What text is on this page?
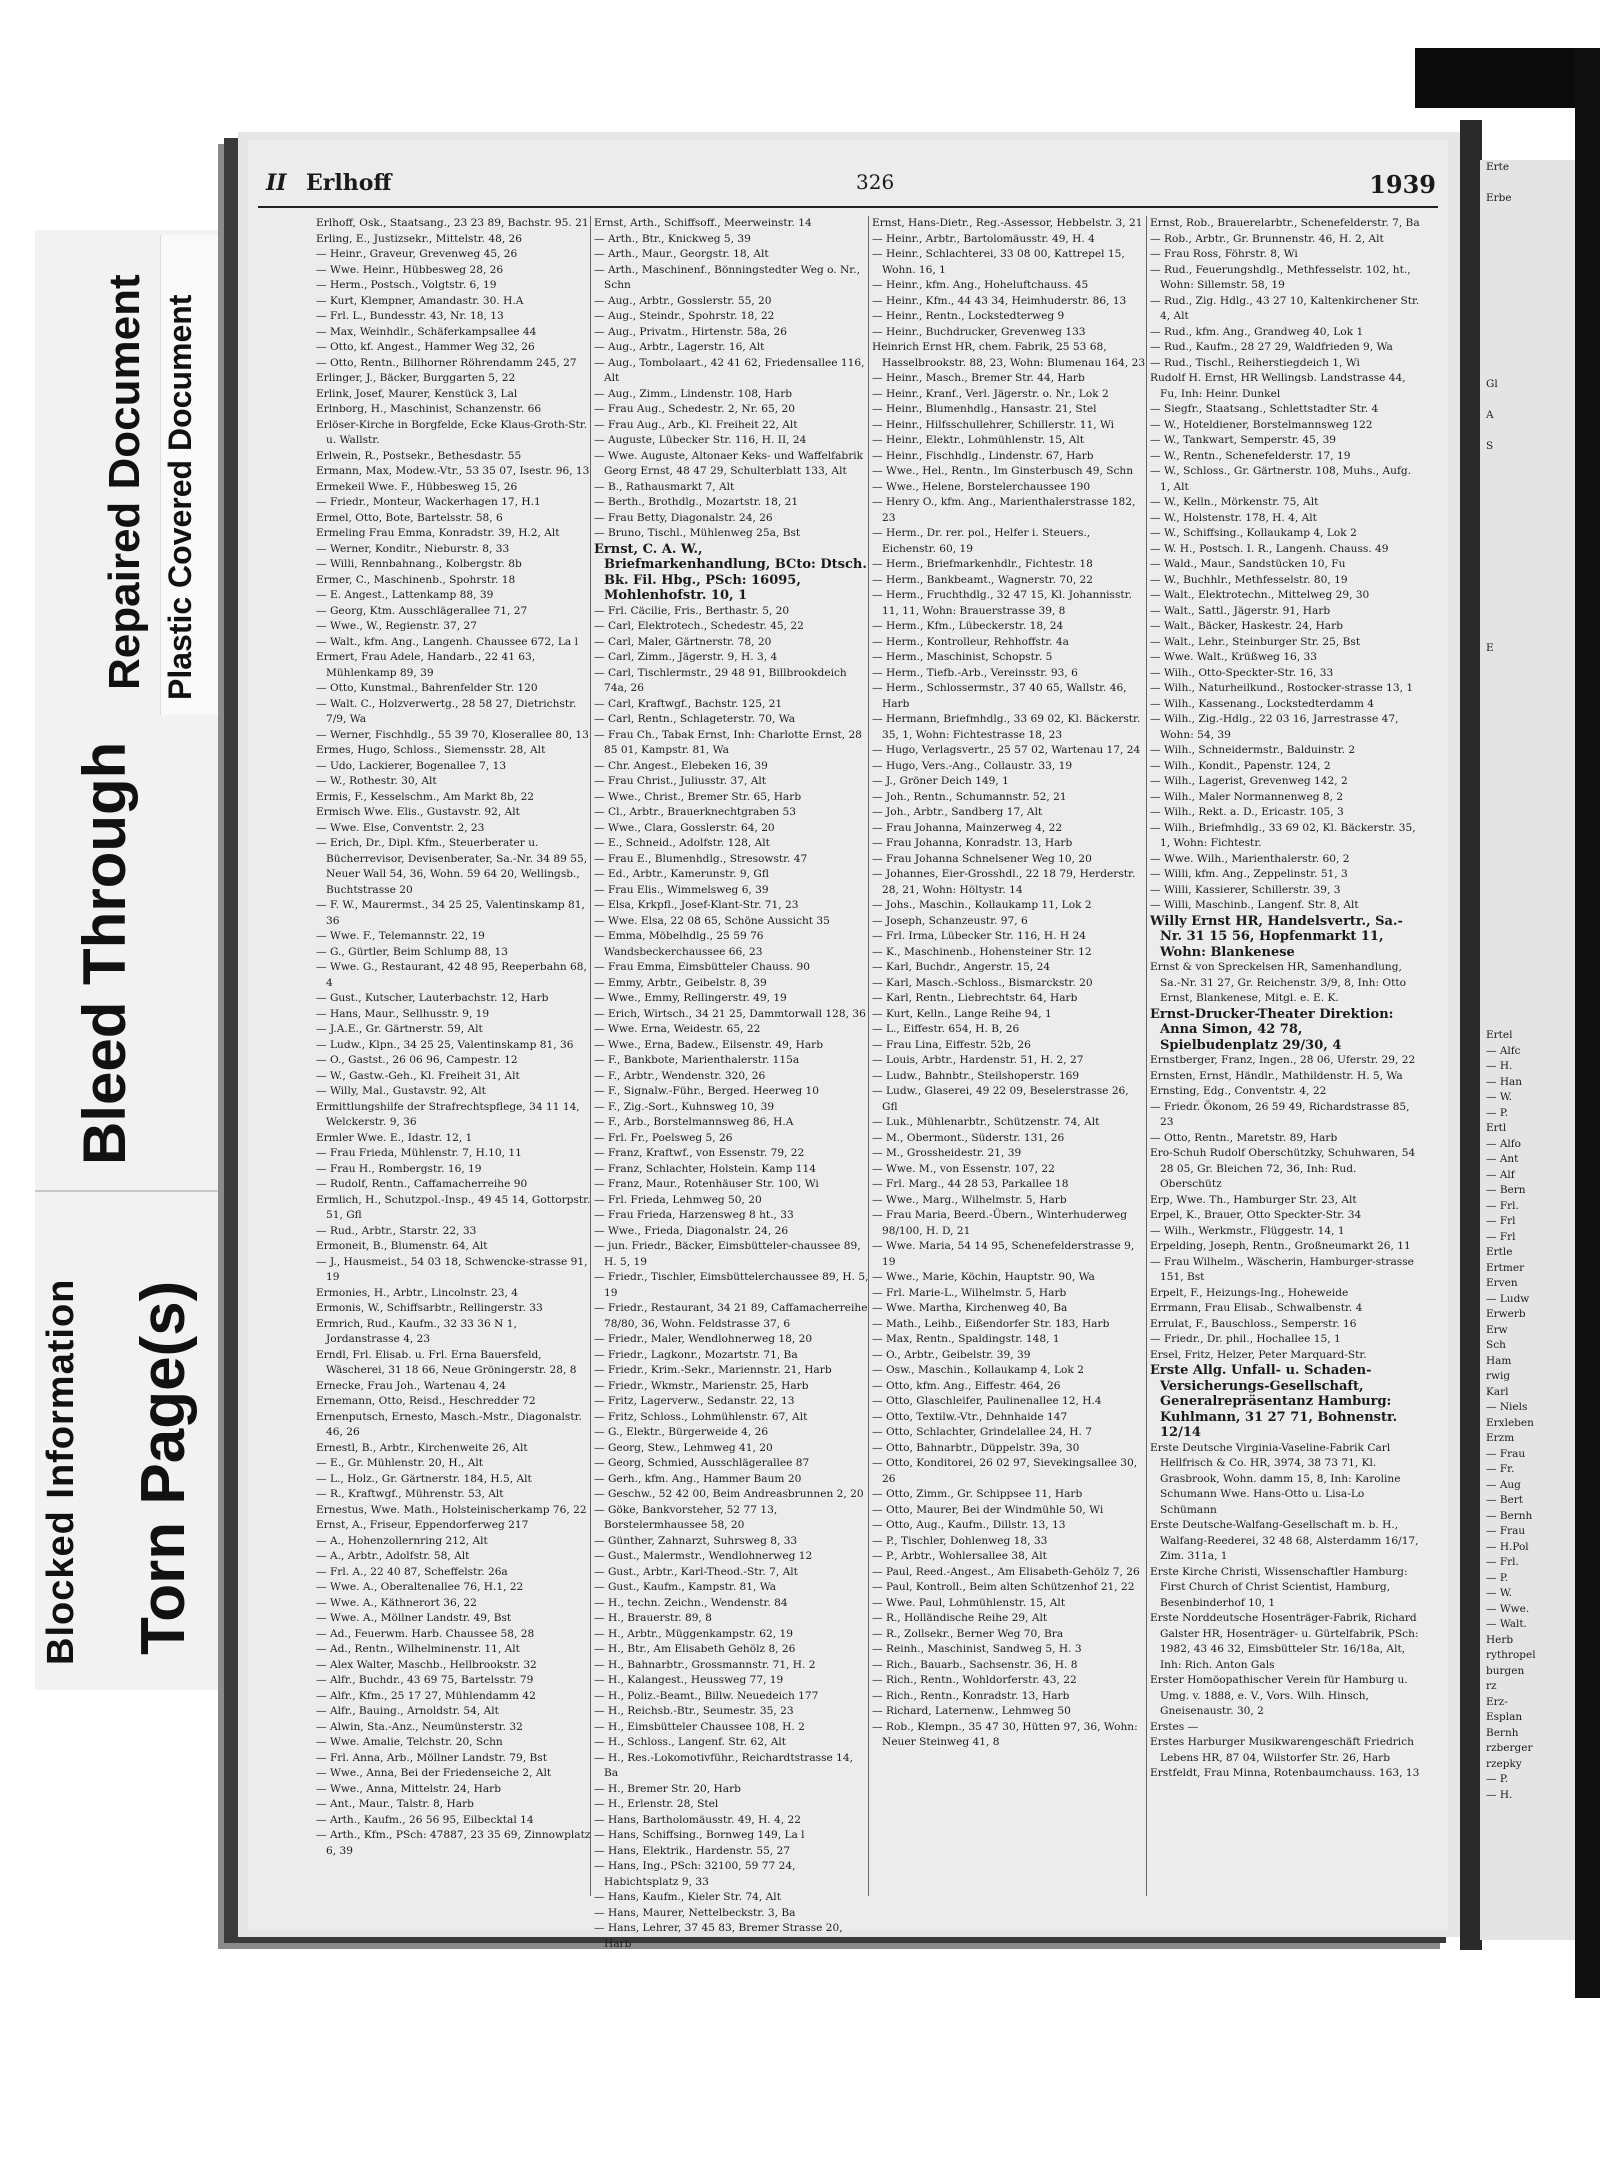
Blocked Information Torn Page(s)
Bleed Through
Repaired Document Plastic Covered Document
Erte

Erbe

Gl

A

S

E

Ertel
— Alfc
— H.
— Han
— W.
— P.
Ertl
— Alfo
— Ant
— Alf
— Bern
— Frl.
— Frl
— Frl
Ertle
Ertmer
Erven
— Ludw
Erwerb
Erw
Sch
Ham
rwig
Karl
— Niels
Erxleben
Erzm
— Frau
— Fr.
— Aug
— Bert
— Bernh
— Frau
— H.Pol
— Frl.
— P.
— W.
— Wwe.
— Walt.
Herb
rythropel
burgen
rz
Erz-
Esplan
Bernh
rzberger
rzepky
— P.
— H.
II Erlhoff	326	1939

Erlhoff, Osk., Staatsang., 23 23 89, Bachstr. 95. 21

Erling, E., Justizsekr., Mittelstr. 48, 26

— Heinr., Graveur, Grevenweg 45, 26

— Wwe. Heinr., Hübbesweg 28, 26

— Herm., Postsch., Volgtstr. 6, 19

— Kurt, Klempner, Amandastr. 30. H.A

— Frl. L., Bundesstr. 43, Nr. 18, 13

— Max, Weinhdlr., Schäferkampsallee 44

— Otto, kf. Angest., Hammer Weg 32, 26

— Otto, Rentn., Billhorner Röhrendamm 245, 27

Erlinger, J., Bäcker, Burggarten 5, 22

Erlink, Josef, Maurer, Kenstück 3, Lal

Erlnborg, H., Maschinist, Schanzenstr. 66

Erlöser-Kirche in Borgfelde, Ecke Klaus-Groth-Str. u. Wallstr.

Erlwein, R., Postsekr., Bethesdastr. 55

Ermann, Max, Modew.-Vtr., 53 35 07, Isestr. 96, 13

Ermekeil Wwe. F., Hübbesweg 15, 26

— Friedr., Monteur, Wackerhagen 17, H.1

Ermel, Otto, Bote, Bartelsstr. 58, 6

Ermeling Frau Emma, Konradstr. 39, H.2, Alt

— Werner, Konditr., Nieburstr. 8, 33

— Willi, Rennbahnang., Kolbergstr. 8b

Ermer, C., Maschinenb., Spohrstr. 18

— E. Angest., Lattenkamp 88, 39

— Georg, Ktm. Ausschlägerallee 71, 27

— Wwe., W., Regienstr. 37, 27

— Walt., kfm. Ang., Langenh. Chaussee 672, La l

Ermert, Frau Adele, Handarb., 22 41 63, Mühlenkamp 89, 39

— Otto, Kunstmal., Bahrenfelder Str. 120

— Walt. C., Holzverwertg., 28 58 27, Dietrichstr. 7/9, Wa

— Werner, Fischhdlg., 55 39 70, Kloserallee 80, 13

Ermes, Hugo, Schloss., Siemensstr. 28, Alt

— Udo, Lackierer, Bogenallee 7, 13

— W., Rothestr. 30, Alt

Ermis, F., Kesselschm., Am Markt 8b, 22

Ermisch Wwe. Elis., Gustavstr. 92, Alt

— Wwe. Else, Conventstr. 2, 23

— Erich, Dr., Dipl. Kfm., Steuerberater u. Bücherrevisor, Devisenberater, Sa.-Nr. 34 89 55, Neuer Wall 54, 36, Wohn. 59 64 20, Wellingsb., Buchtstrasse 20

— F. W., Maurermst., 34 25 25, Valentinskamp 81, 36

— Wwe. F., Telemannstr. 22, 19

— G., Gürtler, Beim Schlump 88, 13

— Wwe. G., Restaurant, 42 48 95, Reeperbahn 68, 4

— Gust., Kutscher, Lauterbachstr. 12, Harb

— Hans, Maur., Sellhusstr. 9, 19

— J.A.E., Gr. Gärtnerstr. 59, Alt

— Ludw., Klpn., 34 25 25, Valentinskamp 81, 36

— O., Gastst., 26 06 96, Campestr. 12

— W., Gastw.-Geh., Kl. Freiheit 31, Alt

— Willy, Mal., Gustavstr. 92, Alt

Ermittlungshilfe der Strafrechtspflege, 34 11 14, Welckerstr. 9, 36

Ermler Wwe. E., Idastr. 12, 1

— Frau Frieda, Mühlenstr. 7, H.10, 11

— Frau H., Rombergstr. 16, 19

— Rudolf, Rentn., Caffamacherreihe 90

Ermlich, H., Schutzpol.-Insp., 49 45 14, Gottorpstr. 51, Gfl

— Rud., Arbtr., Starstr. 22, 33

Ermoneit, B., Blumenstr. 64, Alt

— J., Hausmeist., 54 03 18, Schwencke-strasse 91, 19

Ermonies, H., Arbtr., Lincolnstr. 23, 4

Ermonis, W., Schiffsarbtr., Rellingerstr. 33

Ermrich, Rud., Kaufm., 32 33 36 N 1, Jordanstrasse 4, 23

Erndl, Frl. Elisab. u. Frl. Erna Bauersfeld, Wäscherei, 31 18 66, Neue Gröningerstr. 28, 8

Ernecke, Frau Joh., Wartenau 4, 24

Ernemann, Otto, Reisd., Heschredder 72

Ernenputsch, Ernesto, Masch.-Mstr., Diagonalstr. 46, 26

Ernestl, B., Arbtr., Kirchenweite 26, Alt

— E., Gr. Mühlenstr. 20, H., Alt

— L., Holz., Gr. Gärtnerstr. 184, H.5, Alt

— R., Kraftwgf., Mührenstr. 53, Alt

Ernestus, Wwe. Math., Holsteinischerkamp 76, 22

Ernst, A., Friseur, Eppendorferweg 217

— A., Hohenzollernring 212, Alt

— A., Arbtr., Adolfstr. 58, Alt

— Frl. A., 22 40 87, Scheffelstr. 26a

— Wwe. A., Oberaltenallee 76, H.1, 22

— Wwe. A., Käthnerort 36, 22

— Wwe. A., Möllner Landstr. 49, Bst

— Ad., Feuerwm. Harb. Chaussee 58, 28

— Ad., Rentn., Wilhelminenstr. 11, Alt

— Alex Walter, Maschb., Hellbrookstr. 32

— Alfr., Buchdr., 43 69 75, Bartelsstr. 79

— Alfr., Kfm., 25 17 27, Mühlendamm 42

— Alfr., Bauing., Arnoldstr. 54, Alt

— Alwin, Sta.-Anz., Neumünsterstr. 32

— Wwe. Amalie, Telchstr. 20, Schn

— Frl. Anna, Arb., Möllner Landstr. 79, Bst

— Wwe., Anna, Bei der Friedenseiche 2, Alt

— Wwe., Anna, Mittelstr. 24, Harb

— Ant., Maur., Talstr. 8, Harb

— Arth., Kaufm., 26 56 95, Eilbecktal 14

— Arth., Kfm., PSch: 47887, 23 35 69, Zinnowplatz 6, 39

Ernst, Arth., Schiffsoff., Meerweinstr. 14

— Arth., Btr., Knickweg 5, 39

— Arth., Maur., Georgstr. 18, Alt

— Arth., Maschinenf., Bönningstedter Weg o. Nr., Schn

— Aug., Arbtr., Gosslerstr. 55, 20

— Aug., Steindr., Spohrstr. 18, 22

— Aug., Privatm., Hirtenstr. 58a, 26

— Aug., Arbtr., Lagerstr. 16, Alt

— Aug., Tombolaart., 42 41 62, Friedensallee 116, Alt

— Aug., Zimm., Lindenstr. 108, Harb

— Frau Aug., Schedestr. 2, Nr. 65, 20

— Frau Aug., Arb., Kl. Freiheit 22, Alt

— Auguste, Lübecker Str. 116, H. II, 24

— Wwe. Auguste, Altonaer Keks- und Waffelfabrik Georg Ernst, 48 47 29, Schulterblatt 133, Alt

— B., Rathausmarkt 7, Alt

— Berth., Brothdlg., Mozartstr. 18, 21

— Frau Betty, Diagonalstr. 24, 26

— Bruno, Tischl., Mühlenweg 25a, Bst

Ernst, C. A. W., Briefmarkenhandlung, BCto: Dtsch. Bk. Fil. Hbg., PSch: 16095, Mohlenhofstr. 10, 1

— Frl. Cäcilie, Fris., Berthastr. 5, 20

— Carl, Elektrotech., Schedestr. 45, 22

— Carl, Maler, Gärtnerstr. 78, 20

— Carl, Zimm., Jägerstr. 9, H. 3, 4

— Carl, Tischlermstr., 29 48 91, Billbrookdeich 74a, 26

— Carl, Kraftwgf., Bachstr. 125, 21

— Carl, Rentn., Schlageterstr. 70, Wa

— Frau Ch., Tabak Ernst, Inh: Charlotte Ernst, 28 85 01, Kampstr. 81, Wa

— Chr. Angest., Elebeken 16, 39

— Frau Christ., Juliusstr. 37, Alt

— Wwe., Christ., Bremer Str. 65, Harb

— Cl., Arbtr., Brauerknechtgraben 53

— Wwe., Clara, Gosslerstr. 64, 20

— E., Schneid., Adolfstr. 128, Alt

— Frau E., Blumenhdlg., Stresowstr. 47

— Ed., Arbtr., Kamerunstr. 9, Gfl

— Frau Elis., Wimmelsweg 6, 39

— Elsa, Krkpfl., Josef-Klant-Str. 71, 23

— Wwe. Elsa, 22 08 65, Schöne Aussicht 35

— Emma, Möbelhdlg., 25 59 76 Wandsbeckerchaussee 66, 23

— Frau Emma, Eimsbütteler Chauss. 90

— Emmy, Arbtr., Geibelstr. 8, 39

— Wwe., Emmy, Rellingerstr. 49, 19

— Erich, Wirtsch., 34 21 25, Dammtorwall 128, 36

— Wwe. Erna, Weidestr. 65, 22

— Wwe., Erna, Badew., Eilsenstr. 49, Harb

— F., Bankbote, Marienthalerstr. 115a

— F., Arbtr., Wendenstr. 320, 26

— F., Signalw.-Führ., Berged. Heerweg 10

— F., Zig.-Sort., Kuhnsweg 10, 39

— F., Arb., Borstelmannsweg 86, H.A

— Frl. Fr., Poelsweg 5, 26

— Franz, Kraftwf., von Essenstr. 79, 22

— Franz, Schlachter, Holstein. Kamp 114

— Franz, Maur., Rotenhäuser Str. 100, Wi

— Frl. Frieda, Lehmweg 50, 20

— Frau Frieda, Harzensweg 8 ht., 33

— Wwe., Frieda, Diagonalstr. 24, 26

— jun. Friedr., Bäcker, Eimsbütteler-chaussee 89, H. 5, 19

— Friedr., Tischler, Eimsbüttelerchaussee 89, H. 5, 19

— Friedr., Restaurant, 34 21 89, Caffamacherreihe 78/80, 36, Wohn. Feldstrasse 37, 6

— Friedr., Maler, Wendlohnerweg 18, 20

— Friedr., Lagkonr., Mozartstr. 71, Ba

— Friedr., Krim.-Sekr., Mariennstr. 21, Harb

— Friedr., Wkmstr., Marienstr. 25, Harb

— Fritz, Lagerverw., Sedanstr. 22, 13

— Fritz, Schloss., Lohmühlenstr. 67, Alt

— G., Elektr., Bürgerweide 4, 26

— Georg, Stew., Lehmweg 41, 20

— Georg, Schmied, Ausschlägerallee 87

— Gerh., kfm. Ang., Hammer Baum 20

— Geschw., 52 42 00, Beim Andreasbrunnen 2, 20

— Göke, Bankvorsteher, 52 77 13, Borstelermhaussee 58, 20

— Günther, Zahnarzt, Suhrsweg 8, 33

— Gust., Malermstr., Wendlohnerweg 12

— Gust., Arbtr., Karl-Theod.-Str. 7, Alt

— Gust., Kaufm., Kampstr. 81, Wa

— H., techn. Zeichn., Wendenstr. 84

— H., Brauerstr. 89, 8

— H., Arbtr., Müggenkampstr. 62, 19

— H., Btr., Am Elisabeth Gehölz 8, 26

— H., Bahnarbtr., Grossmannstr. 71, H. 2

— H., Kalangest., Heussweg 77, 19

— H., Poliz.-Beamt., Billw. Neuedeich 177

— H., Reichsb.-Btr., Seumestr. 35, 23

— H., Eimsbütteler Chaussee 108, H. 2

— H., Schloss., Langenf. Str. 62, Alt

— H., Res.-Lokomotivführ., Reichardtstrasse 14, Ba

— H., Bremer Str. 20, Harb

— H., Erlenstr. 28, Stel

— Hans, Bartholomäusstr. 49, H. 4, 22

— Hans, Schiffsing., Bornweg 149, La l

— Hans, Elektrik., Hardenstr. 55, 27

— Hans, Ing., PSch: 32100, 59 77 24, Habichtsplatz 9, 33

— Hans, Kaufm., Kieler Str. 74, Alt

— Hans, Maurer, Nettelbeckstr. 3, Ba

— Hans, Lehrer, 37 45 83, Bremer Strasse 20, Harb

Ernst, Hans-Dietr., Reg.-Assessor, Hebbelstr. 3, 21

— Heinr., Arbtr., Bartolomäusstr. 49, H. 4

— Heinr., Schlachterei, 33 08 00, Kattrepel 15, Wohn. 16, 1

— Heinr., kfm. Ang., Hoheluftchauss. 45

— Heinr., Kfm., 44 43 34, Heimhuderstr. 86, 13

— Heinr., Rentn., Lockstedterweg 9

— Heinr., Buchdrucker, Grevenweg 133

Heinrich Ernst HR, chem. Fabrik, 25 53 68, Hasselbrookstr. 88, 23, Wohn: Blumenau 164, 23

— Heinr., Masch., Bremer Str. 44, Harb

— Heinr., Kranf., Verl. Jägerstr. o. Nr., Lok 2

— Heinr., Blumenhdlg., Hansastr. 21, Stel

— Heinr., Hilfsschullehrer, Schillerstr. 11, Wi

— Heinr., Elektr., Lohmühlenstr. 15, Alt

— Heinr., Fischhdlg., Lindenstr. 67, Harb

— Wwe., Hel., Rentn., Im Ginsterbusch 49, Schn

— Wwe., Helene, Borstelerchaussee 190

— Henry O., kfm. Ang., Marienthalerstrasse 182, 23

— Herm., Dr. rer. pol., Helfer i. Steuers., Eichenstr. 60, 19

— Herm., Briefmarkenhdlr., Fichtestr. 18

— Herm., Bankbeamt., Wagnerstr. 70, 22

— Herm., Fruchthdlg., 32 47 15, Kl. Johannisstr. 11, 11, Wohn: Brauerstrasse 39, 8

— Herm., Kfm., Lübeckerstr. 18, 24

— Herm., Kontrolleur, Rehhoffstr. 4a

— Herm., Maschinist, Schopstr. 5

— Herm., Tiefb.-Arb., Vereinsstr. 93, 6

— Herm., Schlossermstr., 37 40 65, Wallstr. 46, Harb

— Hermann, Briefmhdlg., 33 69 02, Kl. Bäckerstr. 35, 1, Wohn: Fichtestrasse 18, 23

— Hugo, Verlagsvertr., 25 57 02, Wartenau 17, 24

— Hugo, Vers.-Ang., Collaustr. 33, 19

— J., Gröner Deich 149, 1

— Joh., Rentn., Schumannstr. 52, 21

— Joh., Arbtr., Sandberg 17, Alt

— Frau Johanna, Mainzerweg 4, 22

— Frau Johanna, Konradstr. 13, Harb

— Frau Johanna Schnelsener Weg 10, 20

— Johannes, Eier-Grosshdl., 22 18 79, Herderstr. 28, 21, Wohn: Höltystr. 14

— Johs., Maschin., Kollaukamp 11, Lok 2

— Joseph, Schanzeustr. 97, 6

— Frl. Irma, Lübecker Str. 116, H. H 24

— K., Maschinenb., Hohensteiner Str. 12

— Karl, Buchdr., Angerstr. 15, 24

— Karl, Masch.-Schloss., Bismarckstr. 20

— Karl, Rentn., Liebrechtstr. 64, Harb

— Kurt, Kelln., Lange Reihe 94, 1

— L., Eiffestr. 654, H. B, 26

— Frau Lina, Eiffestr. 52b, 26

— Louis, Arbtr., Hardenstr. 51, H. 2, 27

— Ludw., Bahnbtr., Steilshoperstr. 169

— Ludw., Glaserei, 49 22 09, Beselerstrasse 26, Gfl

— Luk., Mühlenarbtr., Schützenstr. 74, Alt

— M., Obermont., Süderstr. 131, 26

— M., Grossheidestr. 21, 39

— Wwe. M., von Essenstr. 107, 22

— Frl. Marg., 44 28 53, Parkallee 18

— Wwe., Marg., Wilhelmstr. 5, Harb

— Frau Maria, Beerd.-Übern., Winterhuderweg 98/100, H. D, 21

— Wwe. Maria, 54 14 95, Schenefelderstrasse 9, 19

— Wwe., Marie, Köchin, Hauptstr. 90, Wa

— Frl. Marie-L., Wilhelmstr. 5, Harb

— Wwe. Martha, Kirchenweg 40, Ba

— Math., Leihb., Eißendorfer Str. 183, Harb

— Max, Rentn., Spaldingstr. 148, 1

— O., Arbtr., Geibelstr. 39, 39

— Osw., Maschin., Kollaukamp 4, Lok 2

— Otto, kfm. Ang., Eiffestr. 464, 26

— Otto, Glaschleifer, Paulinenallee 12, H.4

— Otto, Textilw.-Vtr., Dehnhaide 147

— Otto, Schlachter, Grindelallee 24, H. 7

— Otto, Bahnarbtr., Düppelstr. 39a, 30

— Otto, Konditorei, 26 02 97, Sievekingsallee 30, 26

— Otto, Zimm., Gr. Schippsee 11, Harb

— Otto, Maurer, Bei der Windmühle 50, Wi

— Otto, Aug., Kaufm., Dillstr. 13, 13

— P., Tischler, Dohlenweg 18, 33

— P., Arbtr., Wohlersallee 38, Alt

— Paul, Reed.-Angest., Am Elisabeth-Gehölz 7, 26

— Paul, Kontroll., Beim alten Schützenhof 21, 22

— Wwe. Paul, Lohmühlenstr. 15, Alt

— R., Holländische Reihe 29, Alt

— R., Zollsekr., Berner Weg 70, Bra

— Reinh., Maschinist, Sandweg 5, H. 3

— Rich., Bauarb., Sachsenstr. 36, H. 8

— Rich., Rentn., Wohldorferstr. 43, 22

— Rich., Rentn., Konradstr. 13, Harb

— Richard, Laternenw., Lehmweg 50

— Rob., Klempn., 35 47 30, Hütten 97, 36, Wohn: Neuer Steinweg 41, 8

Ernst, Rob., Brauerelarbtr., Schenefelderstr. 7, Ba

— Rob., Arbtr., Gr. Brunnenstr. 46, H. 2, Alt

— Frau Ross, Föhrstr. 8, Wi

— Rud., Feuerungshdlg., Methfesselstr. 102, ht., Wohn: Sillemstr. 58, 19

— Rud., Zig. Hdlg., 43 27 10, Kaltenkirchener Str. 4, Alt

— Rud., kfm. Ang., Grandweg 40, Lok 1

— Rud., Kaufm., 28 27 29, Waldfrieden 9, Wa

— Rud., Tischl., Reiherstiegdeich 1, Wi

Rudolf H. Ernst, HR Wellingsb. Landstrasse 44, Fu, Inh: Heinr. Dunkel

— Siegfr., Staatsang., Schlettstadter Str. 4

— W., Hoteldiener, Borstelmannsweg 122

— W., Tankwart, Semperstr. 45, 39

— W., Rentn., Schenefelderstr. 17, 19

— W., Schloss., Gr. Gärtnerstr. 108, Muhs., Aufg. 1, Alt

— W., Kelln., Mörkenstr. 75, Alt

— W., Holstenstr. 178, H. 4, Alt

— W., Schiffsing., Kollaukamp 4, Lok 2

— W. H., Postsch. I. R., Langenh. Chauss. 49

— Wald., Maur., Sandstücken 10, Fu

— W., Buchhlr., Methfesselstr. 80, 19

— Walt., Elektrotechn., Mittelweg 29, 30

— Walt., Sattl., Jägerstr. 91, Harb

— Walt., Bäcker, Haskestr. 24, Harb

— Walt., Lehr., Steinburger Str. 25, Bst

— Wwe. Walt., Krüßweg 16, 33

— Wilh., Otto-Speckter-Str. 16, 33

— Wilh., Naturheilkund., Rostocker-strasse 13, 1

— Wilh., Kassenang., Lockstedterdamm 4

— Wilh., Zig.-Hdlg., 22 03 16, Jarrestrasse 47, Wohn: 54, 39

— Wilh., Schneidermstr., Balduinstr. 2

— Wilh., Kondit., Papenstr. 124, 2

— Wilh., Lagerist, Grevenweg 142, 2

— Wilh., Maler Normannenweg 8, 2

— Wilh., Rekt. a. D., Ericastr. 105, 3

— Wilh., Briefmhdlg., 33 69 02, Kl. Bäckerstr. 35, 1, Wohn: Fichtestr.

— Wwe. Wilh., Marienthalerstr. 60, 2

— Willi, kfm. Ang., Zeppelinstr. 51, 3

— Willi, Kassierer, Schillerstr. 39, 3

— Willi, Maschinb., Langenf. Str. 8, Alt

Willy Ernst HR, Handelsvertr., Sa.-Nr. 31 15 56, Hopfenmarkt 11, Wohn: Blankenese

Ernst & von Spreckelsen HR, Samenhandlung, Sa.-Nr. 31 27, Gr. Reichenstr. 3/9, 8, Inh: Otto Ernst, Blankenese, Mitgl. e. E. K.

Ernst-Drucker-Theater Direktion: Anna Simon, 42 78, Spielbudenplatz 29/30, 4

Ernstberger, Franz, Ingen., 28 06, Uferstr. 29, 22

Ernsten, Ernst, Händlr., Mathildenstr. H. 5, Wa

Ernsting, Edg., Conventstr. 4, 22

— Friedr. Ökonom, 26 59 49, Richardstrasse 85, 23

— Otto, Rentn., Maretstr. 89, Harb

Ero-Schuh Rudolf Oberschützky, Schuhwaren, 54 28 05, Gr. Bleichen 72, 36, Inh: Rud. Oberschütz

Erp, Wwe. Th., Hamburger Str. 23, Alt

Erpel, K., Brauer, Otto Speckter-Str. 34

— Wilh., Werkmstr., Flüggestr. 14, 1

Erpelding, Joseph, Rentn., Großneumarkt 26, 11

— Frau Wilhelm., Wäscherin, Hamburger-strasse 151, Bst

Erpelt, F., Heizungs-Ing., Hoheweide

Errmann, Frau Elisab., Schwalbenstr. 4

Errulat, F., Bauschloss., Semperstr. 16

— Friedr., Dr. phil., Hochallee 15, 1

Ersel, Fritz, Helzer, Peter Marquard-Str.

Erste Allg. Unfall- u. Schaden-Versicherungs-Gesellschaft, Generalrepräsentanz Hamburg: Kuhlmann, 31 27 71, Bohnenstr. 12/14

Erste Deutsche Virginia-Vaseline-Fabrik Carl Hellfrisch & Co. HR, 3974, 38 73 71, Kl. Grasbrook, Wohn. damm 15, 8, Inh: Karoline Schumann Wwe. Hans-Otto u. Lisa-Lo Schümann

Erste Deutsche-Walfang-Gesellschaft m. b. H., Walfang-Reederei, 32 48 68, Alsterdamm 16/17, Zim. 311a, 1

Erste Kirche Christi, Wissenschaftler Hamburg: First Church of Christ Scientist, Hamburg, Besenbinderhof 10, 1

Erste Norddeutsche Hosenträger-Fabrik, Richard Galster HR, Hosenträger- u. Gürtelfabrik, PSch: 1982, 43 46 32, Eimsbütteler Str. 16/18a, Alt, Inh: Rich. Anton Gals

Erster Homöopathischer Verein für Hamburg u. Umg. v. 1888, e. V., Vors. Wilh. Hinsch, Gneisenaustr. 30, 2

Erstes —

Erstes Harburger Musikwarengeschäft Friedrich Lebens HR, 87 04, Wilstorfer Str. 26, Harb

Erstfeldt, Frau Minna, Rotenbaumchauss. 163, 13
